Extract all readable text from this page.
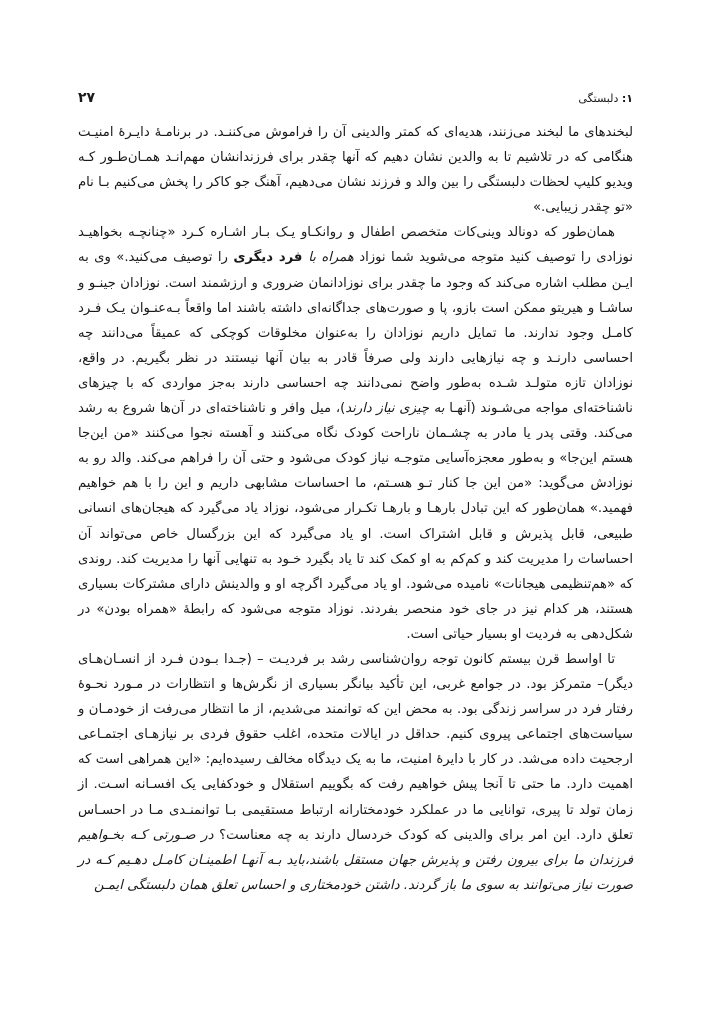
۱: دلبستگی
۲۷

لبخندهای ما لبخند می‌زنند، هدیه‌ای که کمتر والدینی آن را فراموش می‌کننـد. در برنامـهٔ دایـرهٔ امنیـت هنگامی که در تلاشیم تا به والدین نشان دهیم که آنها چقدر برای فرزندانشان مهم‌انـد همـان‌طـور کـه ویدیو کلیپ لحظات دلبستگی را بین والد و فرزند نشان می‌دهیم، آهنگ جو کاکر را پخش می‌کنیم بـا نام «تو چقدر زیبایی.»

همان‌طور که دونالد وینی‌کات متخصص اطفال و روانکـاو یـک بـار اشـاره کـرد «چنانچـه بخواهیـد نوزادی را توصیف کنید متوجه می‌شوید شما نوزاد همراه با فرد دیگری را توصیف می‌کنید.» وی به ایـن مطلب اشاره می‌کند که وجود ما چقدر برای نوزادانمان ضروری و ارزشمند است. نوزادان جینـو و ساشـا و هیریتو ممکن است بازو، پا و صورت‌های جداگانه‌ای داشته باشند اما واقعاً بـه‌عنـوان یـک فـرد کامـل وجود ندارند. ما تمایل داریم نوزادان را به‌عنوان مخلوقات کوچکی که عمیقاً می‌دانند چه احساسی دارنـد و چه نیازهایی دارند ولی صرفاً قادر به بیان آنها نیستند در نظر بگیریم. در واقع، نوزادان تازه متولـد شـده به‌طور واضح نمی‌دانند چه احساسی دارند به‌جز مواردی که با چیزهای ناشناخته‌ای مواجه می‌شـوند (آنهـا به چیزی نیاز دارند)، میل وافر و ناشناخته‌ای در آن‌ها شروع به رشد می‌کند. وقتی پدر یا مادر به چشـمان ناراحت کودک نگاه می‌کنند و آهسته نجوا می‌کنند «من این‌جا هستم این‌جا» و به‌طور معجزه‌آسایی متوجـه نیاز کودک می‌شود و حتی آن را فراهم می‌کند. والد رو به نوزادش می‌گوید: «من این جا کنار تـو هسـتم، ما احساسات مشابهی داریم و این را با هم خواهیم فهمید.» همان‌طور که این تبادل بارهـا و بارهـا تکـرار می‌شود، نوزاد یاد می‌گیرد که هیجان‌های انسانی طبیعی، قابل پذیرش و قابل اشتراک است. او یاد می‌گیرد که این بزرگسال خاص می‌تواند آن احساسات را مدیریت کند و کم‌کم به او کمک کند تا یاد بگیرد خـود به تنهایی آنها را مدیریت کند. روندی که «هم‌تنظیمی هیجانات» نامیده می‌شود. او یاد می‌گیرد اگرچه او و والدینش دارای مشترکات بسیاری هستند، هر کدام نیز در جای خود منحصر بفردند. نوزاد متوجه می‌شود که رابطهٔ «همراه بودن» در شکل‌دهی به فردیت او بسیار حیاتی است.

تا اواسط قرن بیستم کانون توجه روان‌شناسی رشد بر فردیـت – (جـدا بـودن فـرد از انسـان‌هـای دیگر)– متمرکز بود. در جوامع غربی، این تأکید بیانگر بسیاری از نگرش‌ها و انتظارات در مـورد نحـوهٔ رفتار فرد در سراسر زندگی بود. به محض این که توانمند می‌شدیم، از ما انتظار می‌رفت از خودمـان و سیاست‌های اجتماعی پیروی کنیم. حداقل در ایالات متحده، اغلب حقوق فردی بر نیازهـای اجتمـاعی ارجحیت داده می‌شد. در کار با دایرهٔ امنیت، ما به یک دیدگاه مخالف رسیده‌ایم: «این همراهی است که اهمیت دارد. ما حتی تا آنجا پیش خواهیم رفت که بگوییم استقلال و خودکفایی یک افسـانه اسـت. از زمان تولد تا پیری، توانایی ما در عملکرد خودمختارانه ارتباط مستقیمی بـا توانمنـدی مـا در احسـاس تعلق دارد. این امر برای والدینی که کودک خردسال دارند به چه معناست؟ در صـورتی کـه بخـواهیم فرزندان ما برای بیرون رفتن و پذیرش جهان مستقل باشند،باید بـه آنهـا اطمینـان کامـل دهـیم کـه در صورت نیاز می‌توانند به سوی ما باز گردند. داشتن خودمختاری و احساس تعلق همان دلبستگی ایمـن
